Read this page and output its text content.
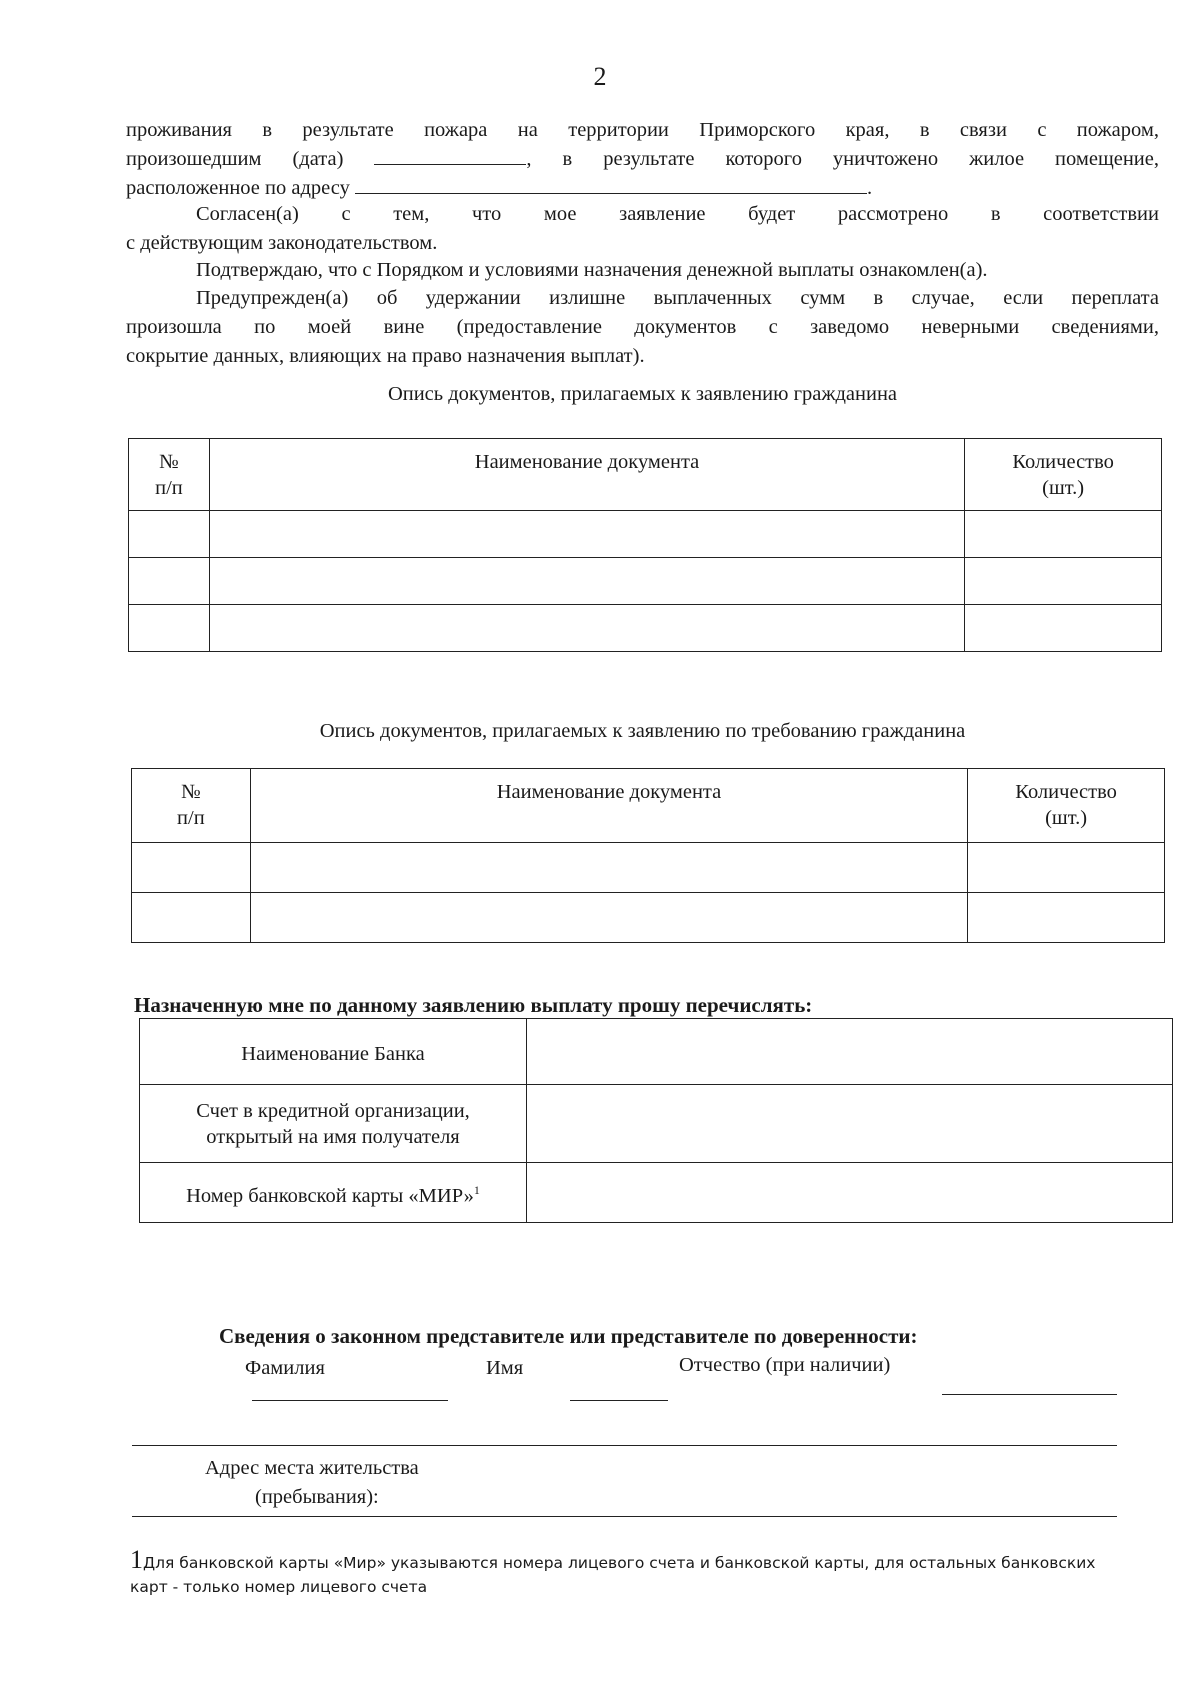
2
проживания в результате пожара на территории Приморского края, в связи с пожаром,
произошедшим (дата)	, в результате которого уничтожено жилое помещение,
расположенное по адресу	.
Согласен(а) с тем, что мое заявление будет рассмотрено в соответствии
с действующим законодательством.
Подтверждаю, что с Порядком и условиями назначения денежной выплаты ознакомлен(а).
Предупрежден(а) об удержании излишне выплаченных сумм в случае, если переплата
произошла по моей вине (предоставление документов с заведомо неверными сведениями,
сокрытие данных, влияющих на право назначения выплат).
Опись документов, прилагаемых к заявлению гражданина
№
п/п	Наименование документа	Количество
(шт.)

Опись документов, прилагаемых к заявлению по требованию гражданина
№
п/п	Наименование документа	Количество
(шт.)

Назначенную мне по данному заявлению выплату прошу перечислять:
Наименование Банка	
Счет в кредитной организации,
открытый на имя получателя	
Номер банковской карты «МИР»$^1$	
Сведения о законном представителе или представителе по доверенности:
Фамилия	Имя	Отчество (при наличии)
Адрес места жительства
(пребывания):
1Для банковской карты «Мир» указываются номера лицевого счета и банковской карты, для остальных банковских
карт - только номер лицевого счета
